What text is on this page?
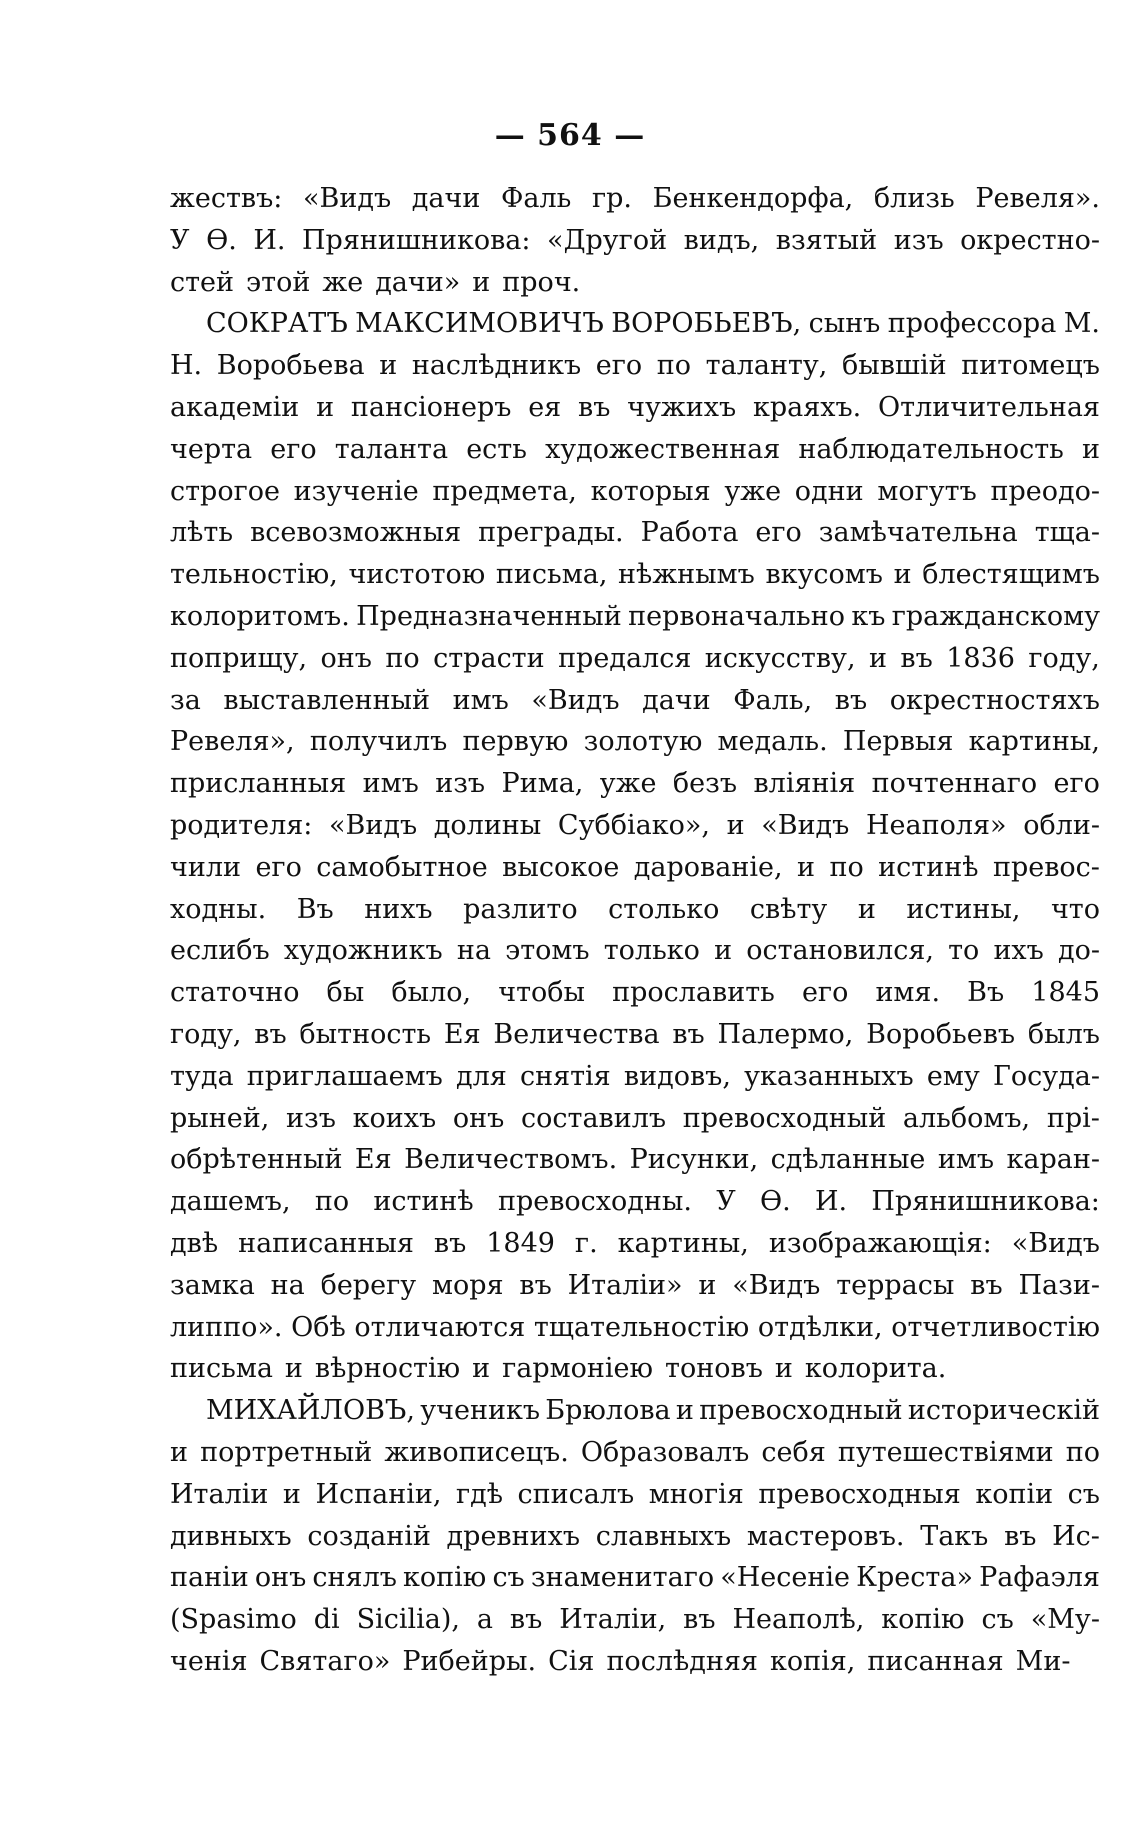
— 564 —
жествъ: «Видъ дачи Фаль гр. Бенкендорфа, близь Ревеля».
У Ѳ. И. Прянишникова: «Другой видъ, взятый изъ окрестно-
стей этой же дачи» и проч.
СОКРАТЪ МАКСИМОВИЧЪ ВОРОБЬЕВЪ, сынъ профессора М.
Н. Воробьева и наслѣдникъ его по таланту, бывшій питомецъ
академіи и пансіонеръ ея въ чужихъ краяхъ. Отличительная
черта его таланта есть художественная наблюдательность и
строгое изученіе предмета, которыя уже одни могутъ преодо-
лѣть всевозможныя преграды. Работа его замѣчательна тща-
тельностію, чистотою письма, нѣжнымъ вкусомъ и блестящимъ
колоритомъ. Предназначенный первоначально къ гражданскому
поприщу, онъ по страсти предался искусству, и въ 1836 году,
за выставленный имъ «Видъ дачи Фаль, въ окрестностяхъ
Ревеля», получилъ первую золотую медаль. Первыя картины,
присланныя имъ изъ Рима, уже безъ вліянія почтеннаго его
родителя: «Видъ долины Суббіако», и «Видъ Неаполя» обли-
чили его самобытное высокое дарованіе, и по истинѣ превос-
ходны. Въ нихъ разлито столько свѣту и истины, что
еслибъ художникъ на этомъ только и остановился, то ихъ до-
статочно бы было, чтобы прославить его имя. Въ 1845
году, въ бытность Ея Величества въ Палермо, Воробьевъ былъ
туда приглашаемъ для снятія видовъ, указанныхъ ему Госуда-
рыней, изъ коихъ онъ составилъ превосходный альбомъ, прі-
обрѣтенный Ея Величествомъ. Рисунки, сдѣланные имъ каран-
дашемъ, по истинѣ превосходны. У Ѳ. И. Прянишникова:
двѣ написанныя въ 1849 г. картины, изображающія: «Видъ
замка на берегу моря въ Италіи» и «Видъ террасы въ Пази-
липпо». Обѣ отличаются тщательностію отдѣлки, отчетливостію
письма и вѣрностію и гармоніею тоновъ и колорита.
МИХАЙЛОВЪ, ученикъ Брюлова и превосходный историческій
и портретный живописецъ. Образовалъ себя путешествіями по
Италіи и Испаніи, гдѣ списалъ многія превосходныя копіи съ
дивныхъ созданій древнихъ славныхъ мастеровъ. Такъ въ Ис-
паніи онъ снялъ копію съ знаменитаго «Несеніе Креста» Рафаэля
(Spasimo di Sicilia), а въ Италіи, въ Неаполѣ, копію съ «Му-
ченія Святаго» Рибейры. Сія послѣдняя копія, писанная Ми-
